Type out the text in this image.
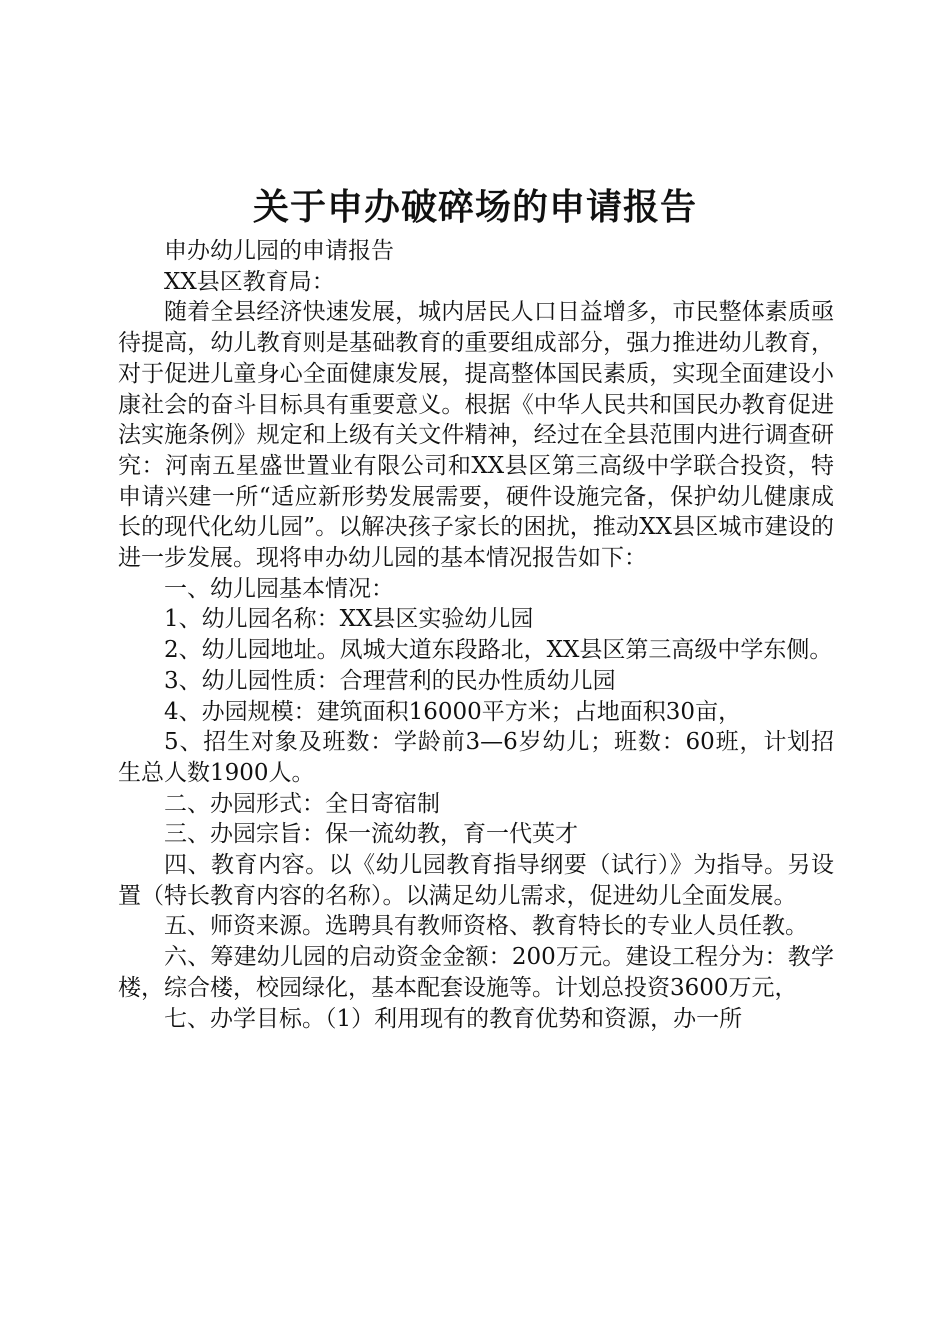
关于申办破碎场的申请报告

申办幼儿园的申请报告

XX县区教育局：

随着全县经济快速发展，城内居民人口日益增多，市民整体素质亟待提高，幼儿教育则是基础教育的重要组成部分，强力推进幼儿教育，对于促进儿童身心全面健康发展，提高整体国民素质，实现全面建设小康社会的奋斗目标具有重要意义。根据《中华人民共和国民办教育促进法实施条例》规定和上级有关文件精神，经过在全县范围内进行调查研究：河南五星盛世置业有限公司和XX县区第三高级中学联合投资，特申请兴建一所“适应新形势发展需要，硬件设施完备，保护幼儿健康成长的现代化幼儿园”。以解决孩子家长的困扰，推动XX县区城市建设的进一步发展。现将申办幼儿园的基本情况报告如下：

一、幼儿园基本情况：

1、幼儿园名称：XX县区实验幼儿园

2、幼儿园地址。凤城大道东段路北，XX县区第三高级中学东侧。

3、幼儿园性质：合理营利的民办性质幼儿园

4、办园规模：建筑面积16000平方米；占地面积30亩，

5、招生对象及班数：学龄前3—6岁幼儿；班数：60班，计划招生总人数1900人。

二、办园形式：全日寄宿制

三、办园宗旨：保一流幼教，育一代英才

四、教育内容。以《幼儿园教育指导纲要（试行）》为指导。另设置（特长教育内容的名称）。以满足幼儿需求，促进幼儿全面发展。

五、师资来源。选聘具有教师资格、教育特长的专业人员任教。

六、筹建幼儿园的启动资金金额：200万元。建设工程分为：教学楼，综合楼，校园绿化，基本配套设施等。计划总投资3600万元，

七、办学目标。（1）利用现有的教育优势和资源，办一所
